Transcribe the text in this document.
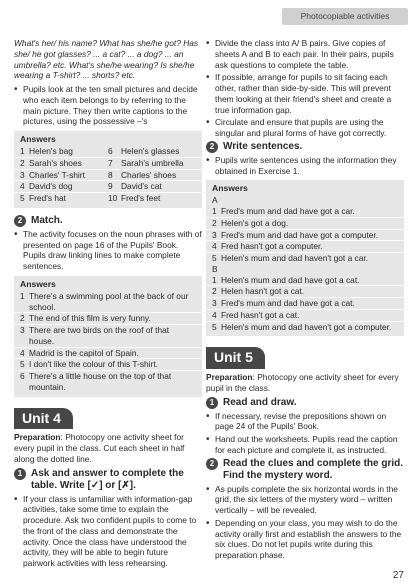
Photocopiable activities
What's her/ his name? What has she/he got? Has she/ he got glasses? ... a cat? ... a dog? ... an umbrella? etc. What's she/he wearing? Is she/he wearing a T-shirt? ... shorts? etc.
• Pupils look at the ten small pictures and decide who each item belongs to by referring to the main picture. They then write captions to the pictures, using the possessive –'s
Answers
1 Helen's bag
2 Sarah's shoes
3 Charles' T-shirt
4 David's dog
5 Fred's hat
6 Helen's glasses
7 Sarah's umbrella
8 Charles' shoes
9 David's cat
10 Fred's feet
2 Match.
• The activity focuses on the noun phrases with of presented on page 16 of the Pupils' Book. Pupils draw linking lines to make complete sentences.
Answers
1 There's a swimming pool at the back of our school.
2 The end of this film is very funny.
3 There are two birds on the roof of that house.
4 Madrid is the capitol of Spain.
5 I don't like the colour of this T-shirt.
6 There's a little house on the top of that mountain.
Unit 4
Preparation: Photocopy one activity sheet for every pupil in the class. Cut each sheet in half along the dotted line.
1 Ask and answer to complete the table. Write [✓] or [✗].
• If your class is unfamiliar with information-gap activities, take some time to explain the procedure. Ask two confident pupils to come to the front of the class and demonstrate the activity. Once the class have understood the activity, they will be able to begin future pairwork activities with less rehearsing.
• Divide the class into A/ B pairs. Give copies of sheets A and B to each pair. In their pairs, pupils ask questions to complete the table.
• If possible, arrange for pupils to sit facing each other, rather than side-by-side. This will prevent them looking at their friend's sheet and create a true information gap.
• Circulate and ensure that pupils are using the singular and plural forms of have got correctly.
2 Write sentences.
• Pupils write sentences using the information they obtained in Exercise 1.
Answers
A
1 Fred's mum and dad have got a car.
2 Helen's got a dog.
3 Fred's mum and dad have got a computer.
4 Fred hasn't got a computer.
5 Helen's mum and dad haven't got a car.
B
1 Helen's mum and dad have got a cat.
2 Helen hasn't got a cat.
3 Fred's mum and dad have got a cat.
4 Fred hasn't got a cat.
5 Helen's mum and dad haven't got a computer.
Unit 5
Preparation: Photocopy one activity sheet for every pupil in the class.
1 Read and draw.
• If necessary, revise the prepositions shown on page 24 of the Pupils' Book.
• Hand out the worksheets. Pupils read the caption for each picture and complete it, as instructed.
2 Read the clues and complete the grid. Find the mystery word.
• As pupils complete the six horizontal words in the grid, the six letters of the mystery word – written vertically – will be revealed.
• Depending on your class, you may wish to do the activity orally first and establish the answers to the six clues. Do not let pupils write during this preparation phase.
27
